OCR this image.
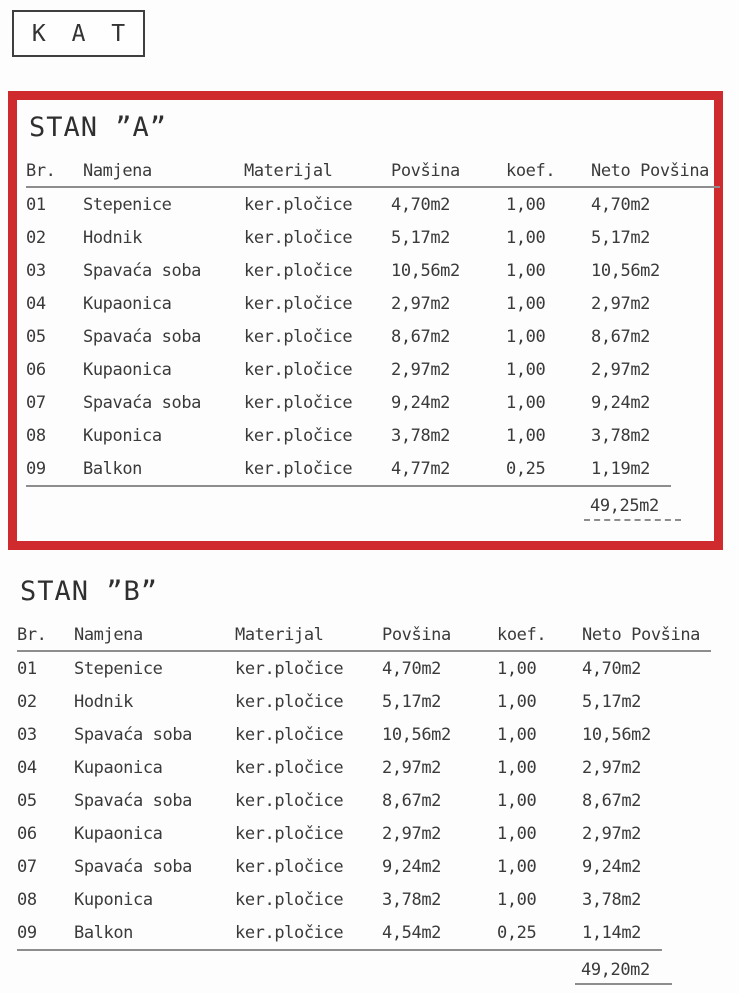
K A T
STAN ”A”
Br.	Namjena	Materijal	Povšina	koef.	Neto Povšina
01	Stepenice	ker.pločice	4,70m2	1,00	4,70m2
02	Hodnik	ker.pločice	5,17m2	1,00	5,17m2
03	Spavaća soba	ker.pločice	10,56m2	1,00	10,56m2
04	Kupaonica	ker.pločice	2,97m2	1,00	2,97m2
05	Spavaća soba	ker.pločice	8,67m2	1,00	8,67m2
06	Kupaonica	ker.pločice	2,97m2	1,00	2,97m2
07	Spavaća soba	ker.pločice	9,24m2	1,00	9,24m2
08	Kuponica	ker.pločice	3,78m2	1,00	3,78m2
09	Balkon	ker.pločice	4,77m2	0,25	1,19m2
49,25m2
STAN ”B”
Br.	Namjena	Materijal	Povšina	koef.	Neto Povšina
01	Stepenice	ker.pločice	4,70m2	1,00	4,70m2
02	Hodnik	ker.pločice	5,17m2	1,00	5,17m2
03	Spavaća soba	ker.pločice	10,56m2	1,00	10,56m2
04	Kupaonica	ker.pločice	2,97m2	1,00	2,97m2
05	Spavaća soba	ker.pločice	8,67m2	1,00	8,67m2
06	Kupaonica	ker.pločice	2,97m2	1,00	2,97m2
07	Spavaća soba	ker.pločice	9,24m2	1,00	9,24m2
08	Kuponica	ker.pločice	3,78m2	1,00	3,78m2
09	Balkon	ker.pločice	4,54m2	0,25	1,14m2
49,20m2
